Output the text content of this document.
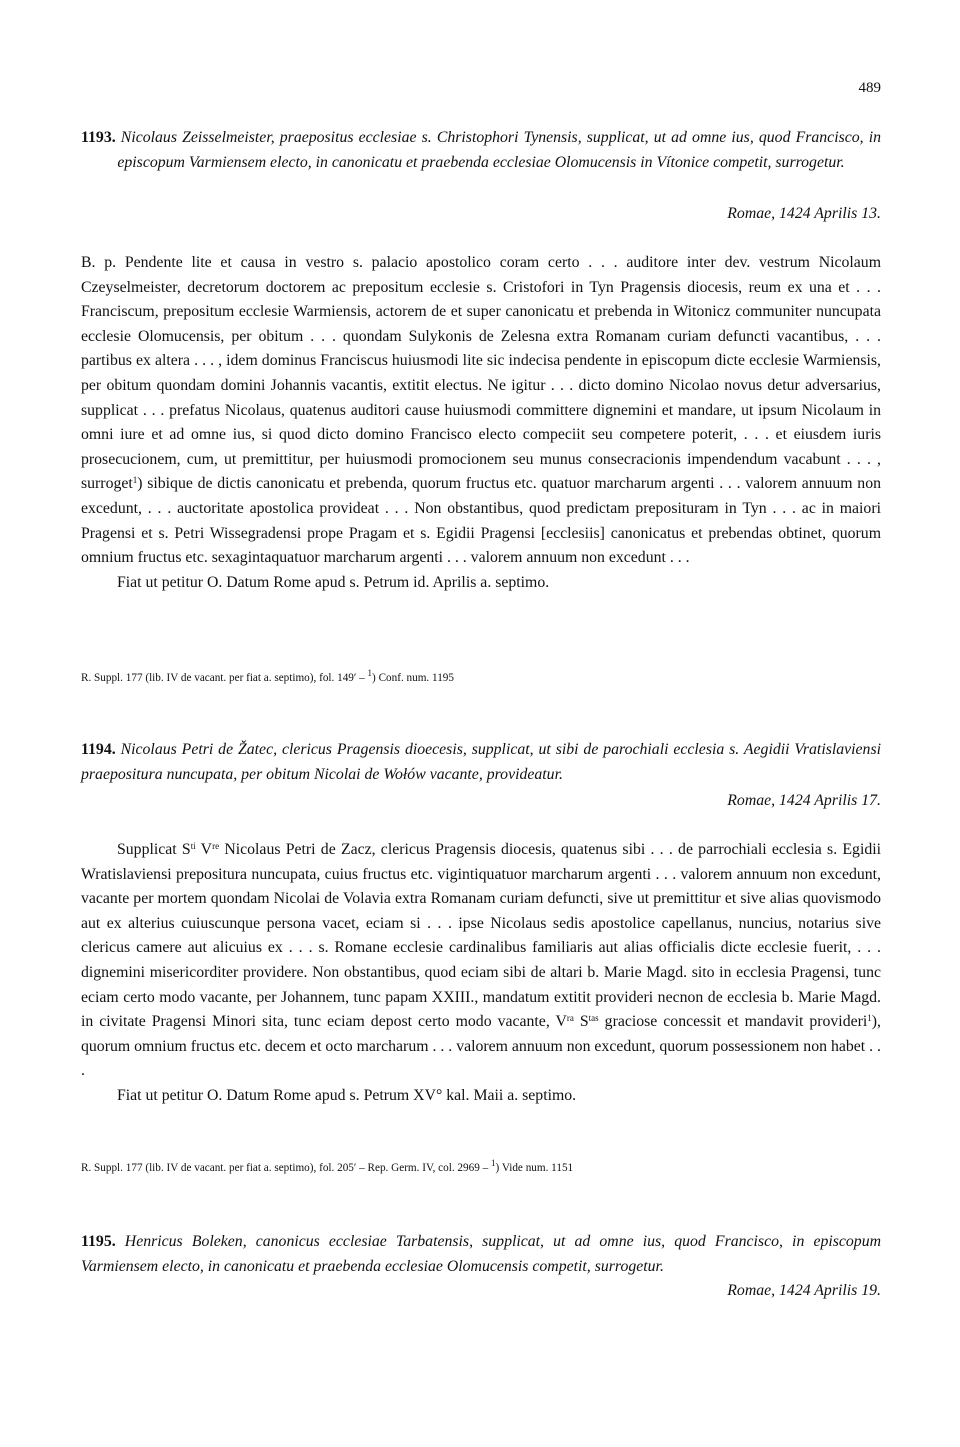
489
1193. Nicolaus Zeisselmeister, praepositus ecclesiae s. Christophori Tynensis, supplicat, ut ad omne ius, quod Francisco, in episcopum Varmiensem electo, in canonicatu et praebenda ecclesiae Olomucensis in Vítonice competit, surrogetur.
Romae, 1424 Aprilis 13.

B. p. Pendente lite et causa in vestro s. palacio apostolico coram certo . . . auditore inter dev. vestrum Nicolaum Czeyselmeister, decretorum doctorem ac prepositum ecclesie s. Cristofori in Tyn Pragensis diocesis, reum ex una et . . . Franciscum, prepositum ecclesie Warmiensis, actorem de et super canonicatu et prebenda in Witonicz communiter nuncupata ecclesie Olomucensis, per obitum . . . quondam Sulykonis de Zelesna extra Romanam curiam defuncti vacantibus, . . . partibus ex altera . . . , idem dominus Franciscus huiusmodi lite sic indecisa pendente in episcopum dicte ecclesie Warmiensis, per obitum quondam domini Johannis vacantis, extitit electus. Ne igitur . . . dicto domino Nicolao novus detur adversarius, supplicat . . . prefatus Nicolaus, quatenus auditori cause huiusmodi committere dignemini et mandare, ut ipsum Nicolaum in omni iure et ad omne ius, si quod dicto domino Francisco electo compeciit seu competere poterit, . . . et eiusdem iuris prosecucionem, cum, ut premittitur, per huiusmodi promocionem seu munus consecracionis impendendum vacabunt . . . , surroget$^1$) sibique de dictis canonicatu et prebenda, quorum fructus etc. quatuor marcharum argenti . . . valorem annuum non excedunt, . . . auctoritate apostolica provideat . . . Non obstantibus, quod predictam preposituram in Tyn . . . ac in maiori Pragensi et s. Petri Wissegradensi prope Pragam et s. Egidii Pragensi [ecclesiis] canonicatus et prebendas obtinet, quorum omnium fructus etc. sexagintaquatuor marcharum argenti . . . valorem annuum non excedunt . . .

Fiat ut petitur O. Datum Rome apud s. Petrum id. Aprilis a. septimo.

R. Suppl. 177 (lib. IV de vacant. per fiat a. septimo), fol. 149′ – $^1$) Conf. num. 1195
1194. Nicolaus Petri de Žatec, clericus Pragensis dioecesis, supplicat, ut sibi de parochiali ecclesia s. Aegidii Vratislaviensi praepositura nuncupata, per obitum Nicolai de Wołów vacante, provideatur.
Romae, 1424 Aprilis 17.

Supplicat $S^{ti}$ Vre Nicolaus Petri de Zacz, clericus Pragensis diocesis, quatenus sibi . . . de parrochiali ecclesia s. Egidii Wratislaviensi prepositura nuncupata, cuius fructus etc. vigintiquatuor marcharum argenti . . . valorem annuum non excedunt, vacante per mortem quondam Nicolai de Volavia extra Romanam curiam defuncti, sive ut premittitur et sive alias quovismodo aut ex alterius cuiuscunque persona vacet, eciam si . . . ipse Nicolaus sedis apostolice capellanus, nuncius, notarius sive clericus camere aut alicuius ex . . . s. Romane ecclesie cardinalibus familiaris aut alias officialis dicte ecclesie fuerit, . . . dignemini misericorditer providere. Non obstantibus, quod eciam sibi de altari b. Marie Magd. sito in ecclesia Pragensi, tunc eciam certo modo vacante, per Johannem, tunc papam XXIII., mandatum extitit provideri necnon de ecclesia b. Marie Magd. in civitate Pragensi Minori sita, tunc eciam depost certo modo vacante, $V^{ra}$ $S^{tas}$ graciose concessit et mandavit provideri$^1$), quorum omnium fructus etc. decem et octo marcharum . . . valorem annuum non excedunt, quorum possessionem non habet . . .

Fiat ut petitur O. Datum Rome apud s. Petrum XV° kal. Maii a. septimo.

R. Suppl. 177 (lib. IV de vacant. per fiat a. septimo), fol. 205′ – Rep. Germ. IV, col. 2969 – $^1$) Vide num. 1151
1195. Henricus Boleken, canonicus ecclesiae Tarbatensis, supplicat, ut ad omne ius, quod Francisco, in episcopum Varmiensem electo, in canonicatu et praebenda ecclesiae Olomucensis competit, surrogetur.
Romae, 1424 Aprilis 19.
